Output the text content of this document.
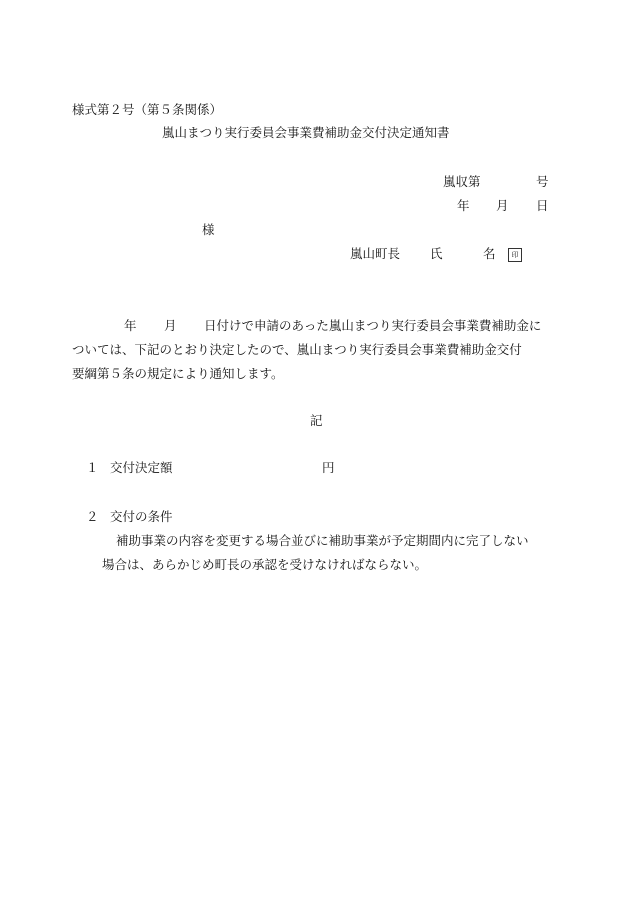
様式第２号（第５条関係）
嵐山まつり実行委員会事業費補助金交付決定通知書
嵐収第	号
年 月 日
様
嵐山町長 氏	名	印
年 月 日付けで申請のあった嵐山まつり実行委員会事業費補助金に
ついては、下記のとおり決定したので、嵐山まつり実行委員会事業費補助金交付
要綱第５条の規定により通知します。
記
１ 交付決定額	円
２ 交付の条件
補助事業の内容を変更する場合並びに補助事業が予定期間内に完了しない
場合は、あらかじめ町長の承認を受けなければならない。
